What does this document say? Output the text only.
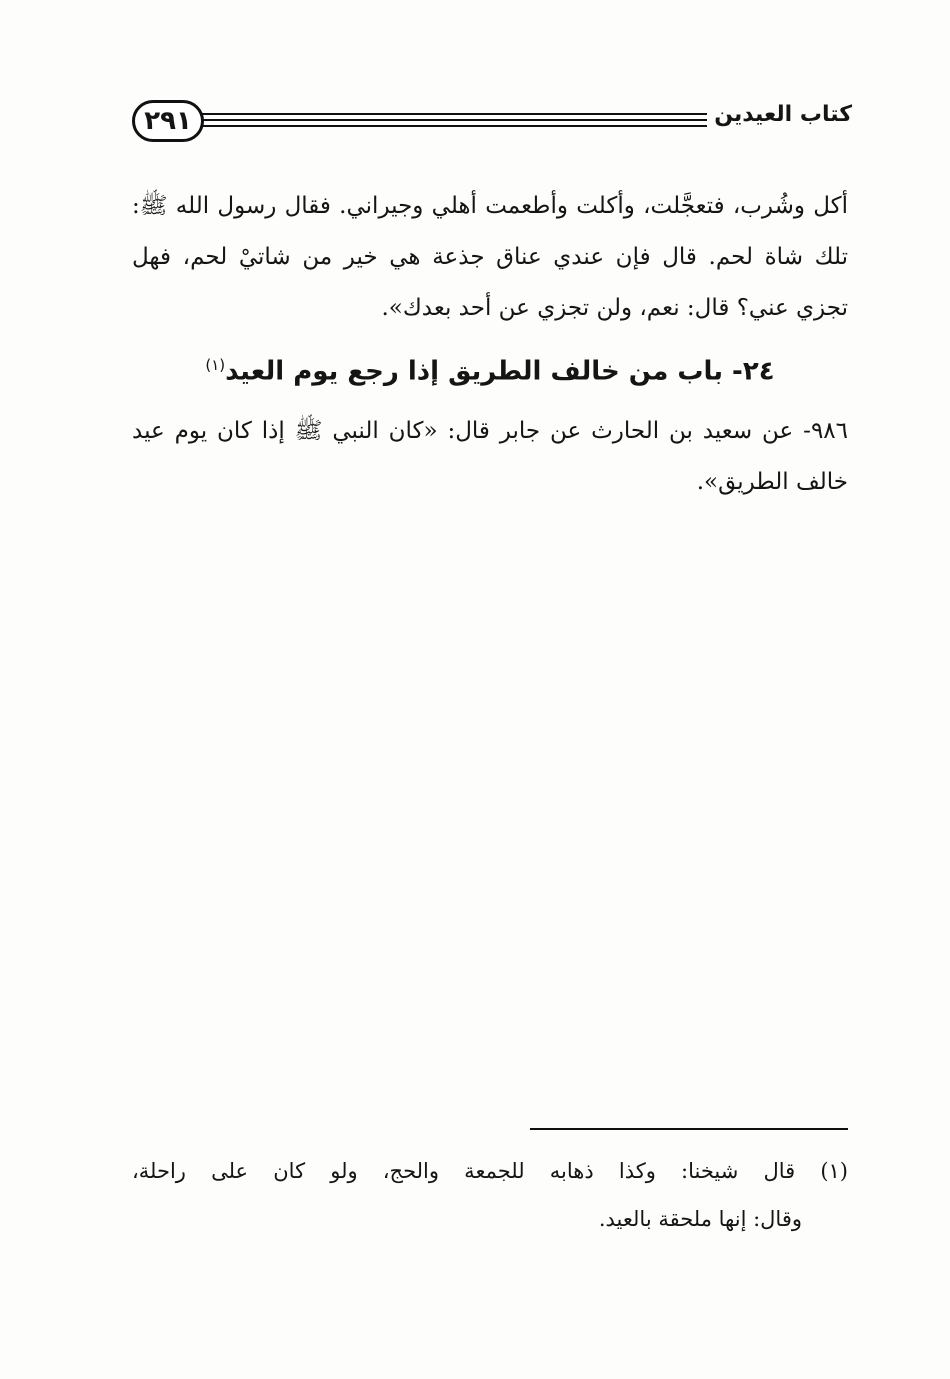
٢٩١	كتاب العيدين
أكل وشُرب، فتعجَّلت، وأكلت وأطعمت أهلي وجيراني. فقال رسول الله ﷺ: تلك شاة لحم. قال فإن عندي عناق جذعة هي خير من شاتيْ لحم، فهل تجزي عني؟ قال: نعم، ولن تجزي عن أحد بعدك».
٢٤- باب من خالف الطريق إذا رجع يوم العيد$^{(١)}$
٩٨٦- عن سعيد بن الحارث عن جابر قال: «كان النبي ﷺ إذا كان يوم عيد خالف الطريق».
(١) قال شيخنا: وكذا ذهابه للجمعة والحج، ولو كان على راحلة،
وقال: إنها ملحقة بالعيد.
